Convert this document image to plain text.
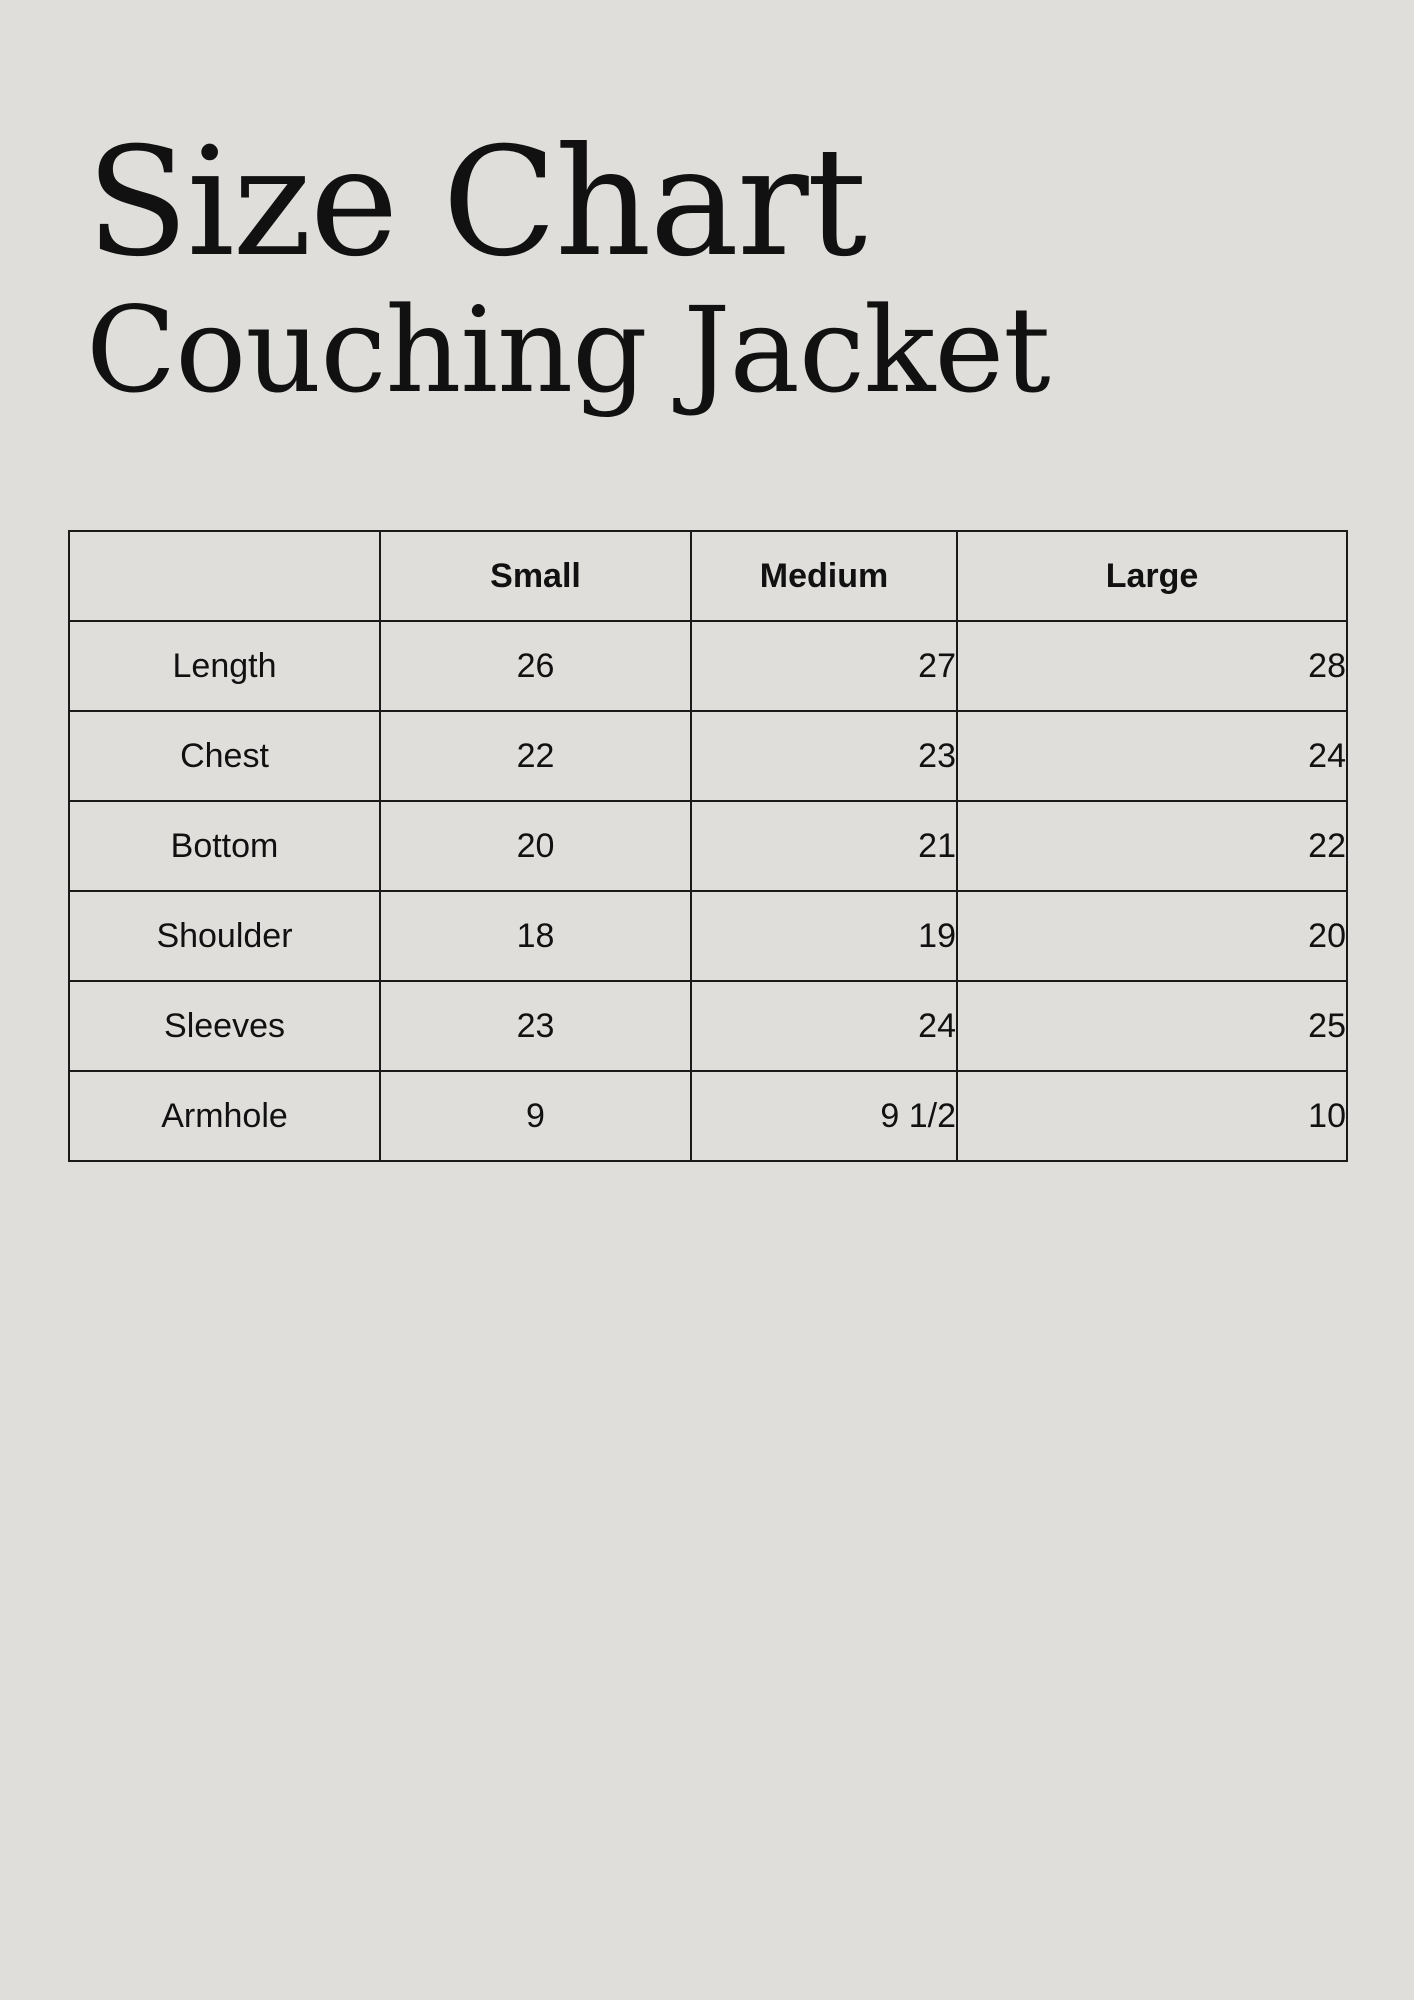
Size Chart
Couching Jacket
	Small	Medium	Large
Length	26	27	28
Chest	22	23	24
Bottom	20	21	22
Shoulder	18	19	20
Sleeves	23	24	25
Armhole	9	9 1/2	10
